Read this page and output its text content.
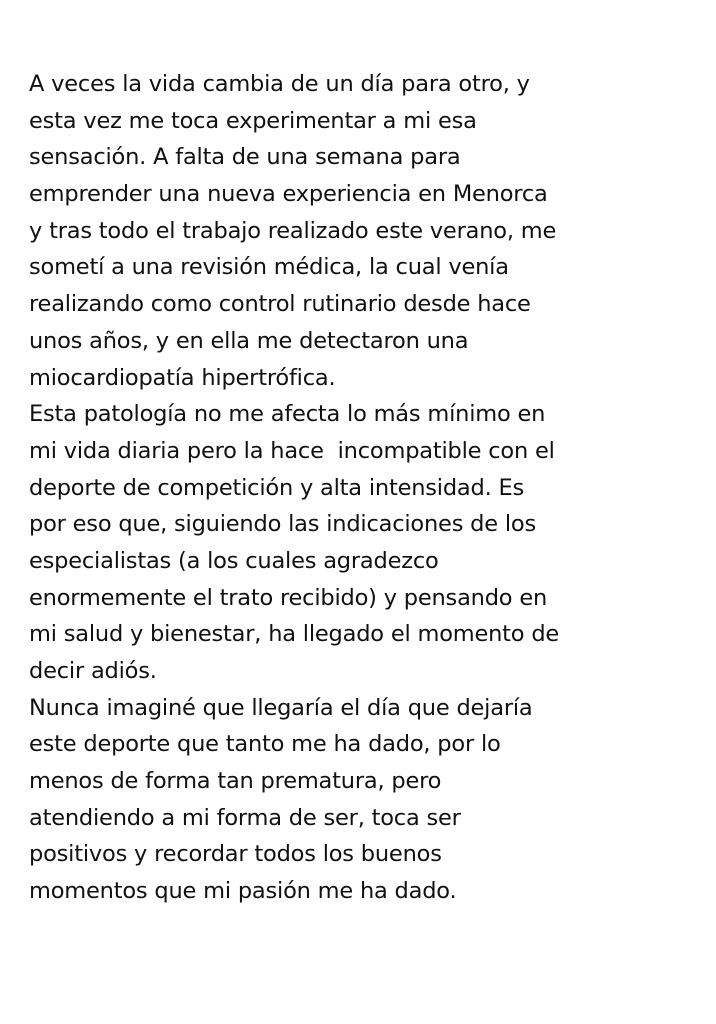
A veces la vida cambia de un día para otro, y
esta vez me toca experimentar a mi esa
sensación. A falta de una semana para
emprender una nueva experiencia en Menorca
y tras todo el trabajo realizado este verano, me
sometí a una revisión médica, la cual venía
realizando como control rutinario desde hace
unos años, y en ella me detectaron una
miocardiopatía hipertrófica.
Esta patología no me afecta lo más mínimo en
mi vida diaria pero la hace  incompatible con el
deporte de competición y alta intensidad. Es
por eso que, siguiendo las indicaciones de los
especialistas (a los cuales agradezco
enormemente el trato recibido) y pensando en
mi salud y bienestar, ha llegado el momento de
decir adiós.
Nunca imaginé que llegaría el día que dejaría
este deporte que tanto me ha dado, por lo
menos de forma tan prematura, pero
atendiendo a mi forma de ser, toca ser
positivos y recordar todos los buenos
momentos que mi pasión me ha dado.
